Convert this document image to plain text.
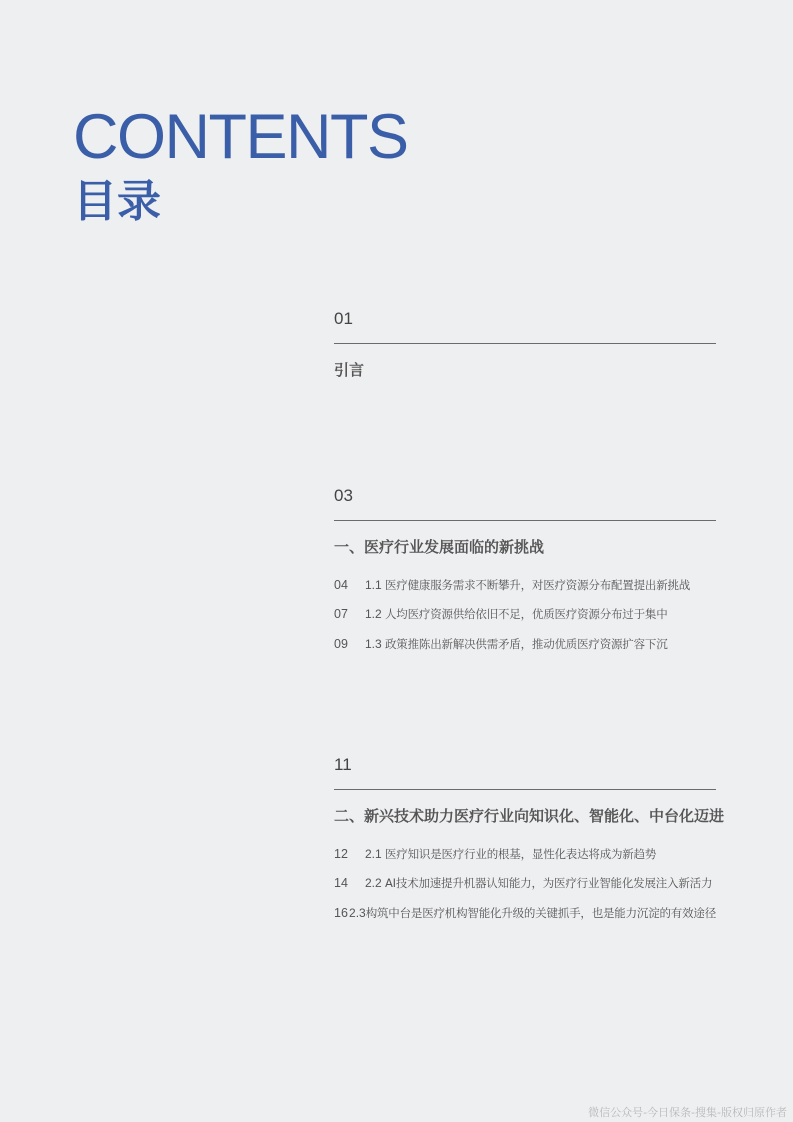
CONTENTS
目录
01
引言
03
一、医疗行业发展面临的新挑战
04	1.1 医疗健康服务需求不断攀升，对医疗资源分布配置提出新挑战
07	1.2 人均医疗资源供给依旧不足，优质医疗资源分布过于集中
09	1.3 政策推陈出新解决供需矛盾，推动优质医疗资源扩容下沉
11
二、新兴技术助力医疗行业向知识化、智能化、中台化迈进
12	2.1 医疗知识是医疗行业的根基，显性化表达将成为新趋势
14	2.2 AI技术加速提升机器认知能力，为医疗行业智能化发展注入新活力
16 2.3 构筑中台是医疗机构智能化升级的关键抓手，也是能力沉淀的有效途径
微信公众号-今日保条-搜集-版权归原作者
